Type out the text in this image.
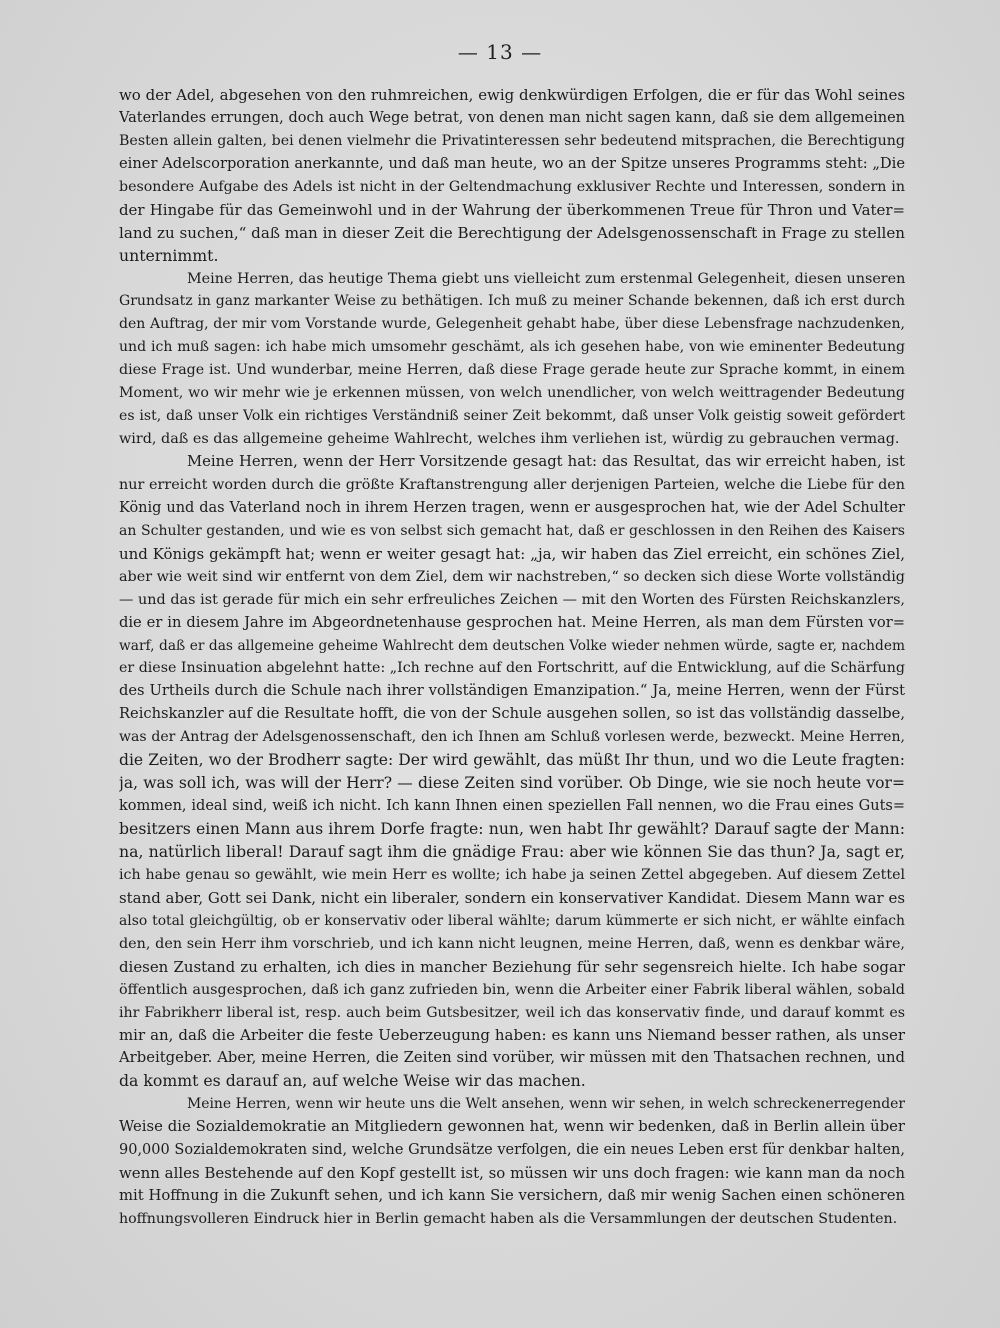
— 13 —
wo der Adel, abgesehen von den ruhmreichen, ewig denkwürdigen Erfolgen, die er für das Wohl seines
Vaterlandes errungen, doch auch Wege betrat, von denen man nicht sagen kann, daß sie dem allgemeinen
Besten allein galten, bei denen vielmehr die Privatinteressen sehr bedeutend mitsprachen, die Berechtigung
einer Adelscorporation anerkannte, und daß man heute, wo an der Spitze unseres Programms steht: „Die
besondere Aufgabe des Adels ist nicht in der Geltendmachung exklusiver Rechte und Interessen, sondern in
der Hingabe für das Gemeinwohl und in der Wahrung der überkommenen Treue für Thron und Vater=
land zu suchen,“ daß man in dieser Zeit die Berechtigung der Adelsgenossenschaft in Frage zu stellen
unternimmt.
Meine Herren, das heutige Thema giebt uns vielleicht zum erstenmal Gelegenheit, diesen unseren
Grundsatz in ganz markanter Weise zu bethätigen. Ich muß zu meiner Schande bekennen, daß ich erst durch
den Auftrag, der mir vom Vorstande wurde, Gelegenheit gehabt habe, über diese Lebensfrage nachzudenken,
und ich muß sagen: ich habe mich umsomehr geschämt, als ich gesehen habe, von wie eminenter Bedeutung
diese Frage ist. Und wunderbar, meine Herren, daß diese Frage gerade heute zur Sprache kommt, in einem
Moment, wo wir mehr wie je erkennen müssen, von welch unendlicher, von welch weittragender Bedeutung
es ist, daß unser Volk ein richtiges Verständniß seiner Zeit bekommt, daß unser Volk geistig soweit gefördert
wird, daß es das allgemeine geheime Wahlrecht, welches ihm verliehen ist, würdig zu gebrauchen vermag.
Meine Herren, wenn der Herr Vorsitzende gesagt hat: das Resultat, das wir erreicht haben, ist
nur erreicht worden durch die größte Kraftanstrengung aller derjenigen Parteien, welche die Liebe für den
König und das Vaterland noch in ihrem Herzen tragen, wenn er ausgesprochen hat, wie der Adel Schulter
an Schulter gestanden, und wie es von selbst sich gemacht hat, daß er geschlossen in den Reihen des Kaisers
und Königs gekämpft hat; wenn er weiter gesagt hat: „ja, wir haben das Ziel erreicht, ein schönes Ziel,
aber wie weit sind wir entfernt von dem Ziel, dem wir nachstreben,“ so decken sich diese Worte vollständig
— und das ist gerade für mich ein sehr erfreuliches Zeichen — mit den Worten des Fürsten Reichskanzlers,
die er in diesem Jahre im Abgeordnetenhause gesprochen hat. Meine Herren, als man dem Fürsten vor=
warf, daß er das allgemeine geheime Wahlrecht dem deutschen Volke wieder nehmen würde, sagte er, nachdem
er diese Insinuation abgelehnt hatte: „Ich rechne auf den Fortschritt, auf die Entwicklung, auf die Schärfung
des Urtheils durch die Schule nach ihrer vollständigen Emanzipation.“ Ja, meine Herren, wenn der Fürst
Reichskanzler auf die Resultate hofft, die von der Schule ausgehen sollen, so ist das vollständig dasselbe,
was der Antrag der Adelsgenossenschaft, den ich Ihnen am Schluß vorlesen werde, bezweckt. Meine Herren,
die Zeiten, wo der Brodherr sagte: Der wird gewählt, das müßt Ihr thun, und wo die Leute fragten:
ja, was soll ich, was will der Herr? — diese Zeiten sind vorüber. Ob Dinge, wie sie noch heute vor=
kommen, ideal sind, weiß ich nicht. Ich kann Ihnen einen speziellen Fall nennen, wo die Frau eines Guts=
besitzers einen Mann aus ihrem Dorfe fragte: nun, wen habt Ihr gewählt? Darauf sagte der Mann:
na, natürlich liberal! Darauf sagt ihm die gnädige Frau: aber wie können Sie das thun? Ja, sagt er,
ich habe genau so gewählt, wie mein Herr es wollte; ich habe ja seinen Zettel abgegeben. Auf diesem Zettel
stand aber, Gott sei Dank, nicht ein liberaler, sondern ein konservativer Kandidat. Diesem Mann war es
also total gleichgültig, ob er konservativ oder liberal wählte; darum kümmerte er sich nicht, er wählte einfach
den, den sein Herr ihm vorschrieb, und ich kann nicht leugnen, meine Herren, daß, wenn es denkbar wäre,
diesen Zustand zu erhalten, ich dies in mancher Beziehung für sehr segensreich hielte. Ich habe sogar
öffentlich ausgesprochen, daß ich ganz zufrieden bin, wenn die Arbeiter einer Fabrik liberal wählen, sobald
ihr Fabrikherr liberal ist, resp. auch beim Gutsbesitzer, weil ich das konservativ finde, und darauf kommt es
mir an, daß die Arbeiter die feste Ueberzeugung haben: es kann uns Niemand besser rathen, als unser
Arbeitgeber. Aber, meine Herren, die Zeiten sind vorüber, wir müssen mit den Thatsachen rechnen, und
da kommt es darauf an, auf welche Weise wir das machen.
Meine Herren, wenn wir heute uns die Welt ansehen, wenn wir sehen, in welch schreckenerregender
Weise die Sozialdemokratie an Mitgliedern gewonnen hat, wenn wir bedenken, daß in Berlin allein über
90,000 Sozialdemokraten sind, welche Grundsätze verfolgen, die ein neues Leben erst für denkbar halten,
wenn alles Bestehende auf den Kopf gestellt ist, so müssen wir uns doch fragen: wie kann man da noch
mit Hoffnung in die Zukunft sehen, und ich kann Sie versichern, daß mir wenig Sachen einen schöneren
hoffnungsvolleren Eindruck hier in Berlin gemacht haben als die Versammlungen der deutschen Studenten.
